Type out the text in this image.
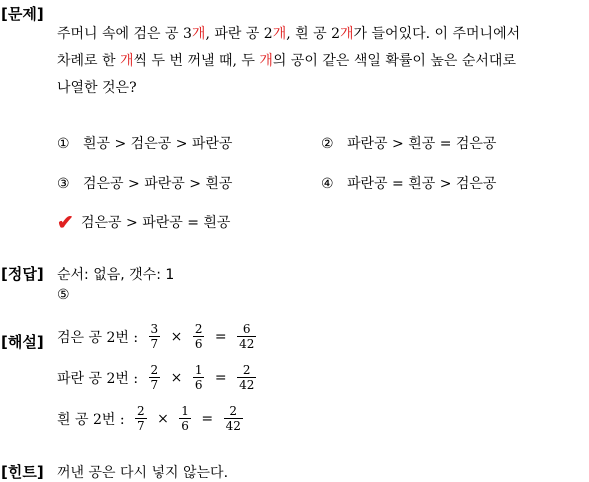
[문제]
주머니 속에 검은 공 3개, 파란 공 2개, 흰 공 2개가 들어있다. 이 주머니에서
차례로 한 개씩 두 번 꺼낼 때, 두 개의 공이 같은 색일 확률이 높은 순서대로
나열한 것은?
① 흰공 > 검은공 > 파란공	② 파란공 > 흰공 = 검은공
③ 검은공 > 파란공 > 흰공	④ 파란공 = 흰공 > 검은공
✔ 검은공 > 파란공 = 흰공
[정답] 순서: 없음, 갯수: 1
⑤
[해설] 검은 공 2번 : $\frac{3}{7} \times \frac{2}{6} = \frac{6}{42}$
파란 공 2번 : $\frac{2}{7} \times \frac{1}{6} = \frac{2}{42}$
흰 공 2번 : $\frac{2}{7} \times \frac{1}{6} = \frac{2}{42}$
[힌트] 꺼낸 공은 다시 넣지 않는다.
